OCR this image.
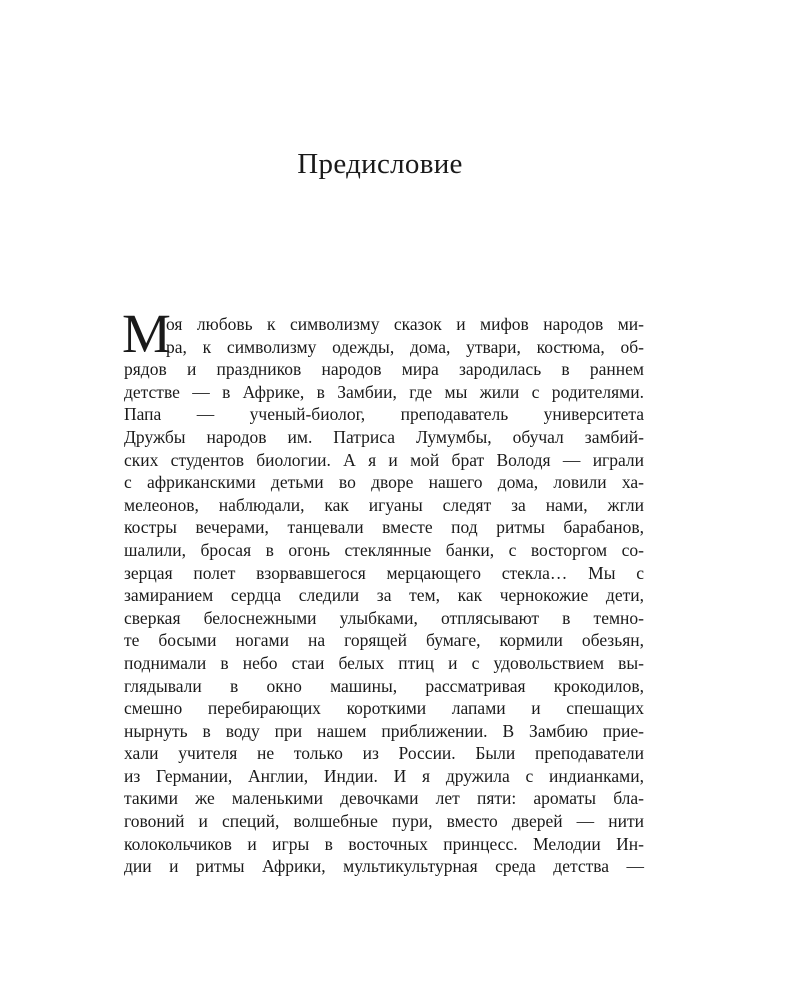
Предисловие
М
оя любовь к символизму сказок и мифов народов ми-
ра, к символизму одежды, дома, утвари, костюма, об-
рядов и праздников народов мира зародилась в раннем
детстве — в Африке, в Замбии, где мы жили с родителями.
Папа — ученый-биолог, преподаватель университета
Дружбы народов им. Патриса Лумумбы, обучал замбий-
ских студентов биологии. А я и мой брат Володя — играли
с африканскими детьми во дворе нашего дома, ловили ха-
мелеонов, наблюдали, как игуаны следят за нами, жгли
костры вечерами, танцевали вместе под ритмы барабанов,
шалили, бросая в огонь стеклянные банки, с восторгом со-
зерцая полет взорвавшегося мерцающего стекла… Мы с
замиранием сердца следили за тем, как чернокожие дети,
сверкая белоснежными улыбками, отплясывают в темно-
те босыми ногами на горящей бумаге, кормили обезьян,
поднимали в небо стаи белых птиц и с удовольствием вы-
глядывали в окно машины, рассматривая крокодилов,
смешно перебирающих короткими лапами и спешащих
нырнуть в воду при нашем приближении. В Замбию прие-
хали учителя не только из России. Были преподаватели
из Германии, Англии, Индии. И я дружила с индианками,
такими же маленькими девочками лет пяти: ароматы бла-
говоний и специй, волшебные пури, вместо дверей — нити
колокольчиков и игры в восточных принцесс. Мелодии Ин-
дии и ритмы Африки, мультикультурная среда детства —
